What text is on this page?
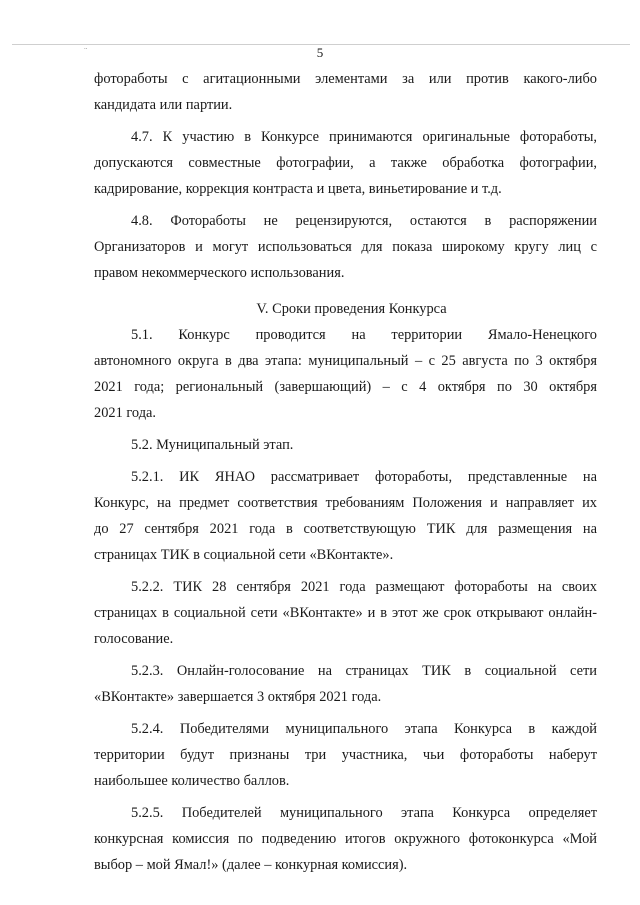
..	5
фотоработы с агитационными элементами за или против какого-либо
кандидата или партии.
4.7. К участию в Конкурсе принимаются оригинальные фотоработы,
допускаются совместные фотографии, а также обработка фотографии,
кадрирование, коррекция контраста и цвета, виньетирование и т.д.
4.8. Фотоработы не рецензируются, остаются в распоряжении
Организаторов и могут использоваться для показа широкому кругу лиц с
правом некоммерческого использования.
V. Сроки проведения Конкурса
5.1. Конкурс проводится на территории Ямало-Ненецкого
автономного округа в два этапа: муниципальный – с 25 августа по 3 октября
2021 года; региональный (завершающий) – с 4 октября по 30 октября
2021 года.
5.2. Муниципальный этап.
5.2.1. ИК ЯНАО рассматривает фотоработы, представленные на
Конкурс, на предмет соответствия требованиям Положения и направляет их
до 27 сентября 2021 года в соответствующую ТИК для размещения на
страницах ТИК в социальной сети «ВКонтакте».
5.2.2. ТИК 28 сентября 2021 года размещают фотоработы на своих
страницах в социальной сети «ВКонтакте» и в этот же срок открывают онлайн-
голосование.
5.2.3. Онлайн-голосование на страницах ТИК в социальной сети
«ВКонтакте» завершается 3 октября 2021 года.
5.2.4. Победителями муниципального этапа Конкурса в каждой
территории будут признаны три участника, чьи фотоработы наберут
наибольшее количество баллов.
5.2.5. Победителей муниципального этапа Конкурса определяет
конкурсная комиссия по подведению итогов окружного фотоконкурса «Мой
выбор – мой Ямал!» (далее – конкурная комиссия).
